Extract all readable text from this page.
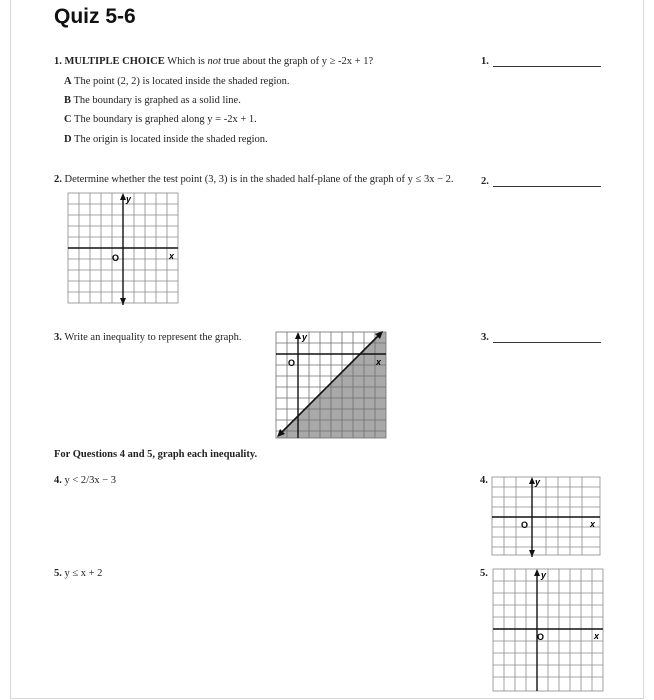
Quiz 5-6
1. MULTIPLE CHOICE Which is not true about the graph of y ≥ -2x + 1?
A The point (2, 2) is located inside the shaded region.
B The boundary is graphed as a solid line.
C The boundary is graphed along y = -2x + 1.
D The origin is located inside the shaded region.
1.
2. Determine whether the test point (3, 3) is in the shaded half-plane of the graph of y ≤ 3x − 2.	2.
y
O	x
3. Write an inequality to represent the graph.	3.
y
O	x
For Questions 4 and 5, graph each inequality.
4. y < 2/3x − 3	4.	y
O	x
5. y ≤ x + 2	5.	y
O	x
